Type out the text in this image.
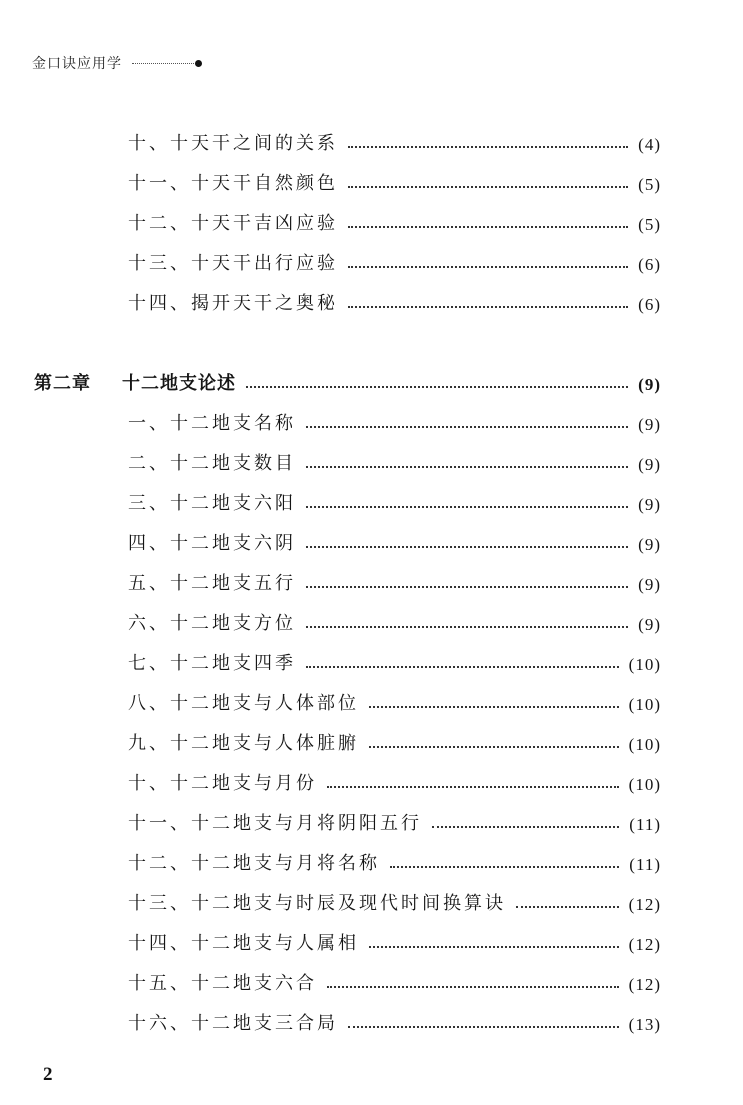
金口诀应用学
十、十天干之间的关系	(4)
十一、十天干自然颜色	(5)
十二、十天干吉凶应验	(5)
十三、十天干出行应验	(6)
十四、揭开天干之奥秘	(6)
第二章 十二地支论述	(9)
一、十二地支名称	(9)
二、十二地支数目	(9)
三、十二地支六阳	(9)
四、十二地支六阴	(9)
五、十二地支五行	(9)
六、十二地支方位	(9)
七、十二地支四季	(10)
八、十二地支与人体部位	(10)
九、十二地支与人体脏腑	(10)
十、十二地支与月份	(10)
十一、十二地支与月将阴阳五行	(11)
十二、十二地支与月将名称	(11)
十三、十二地支与时辰及现代时间换算诀	(12)
十四、十二地支与人属相	(12)
十五、十二地支六合	(12)
十六、十二地支三合局	(13)
2
